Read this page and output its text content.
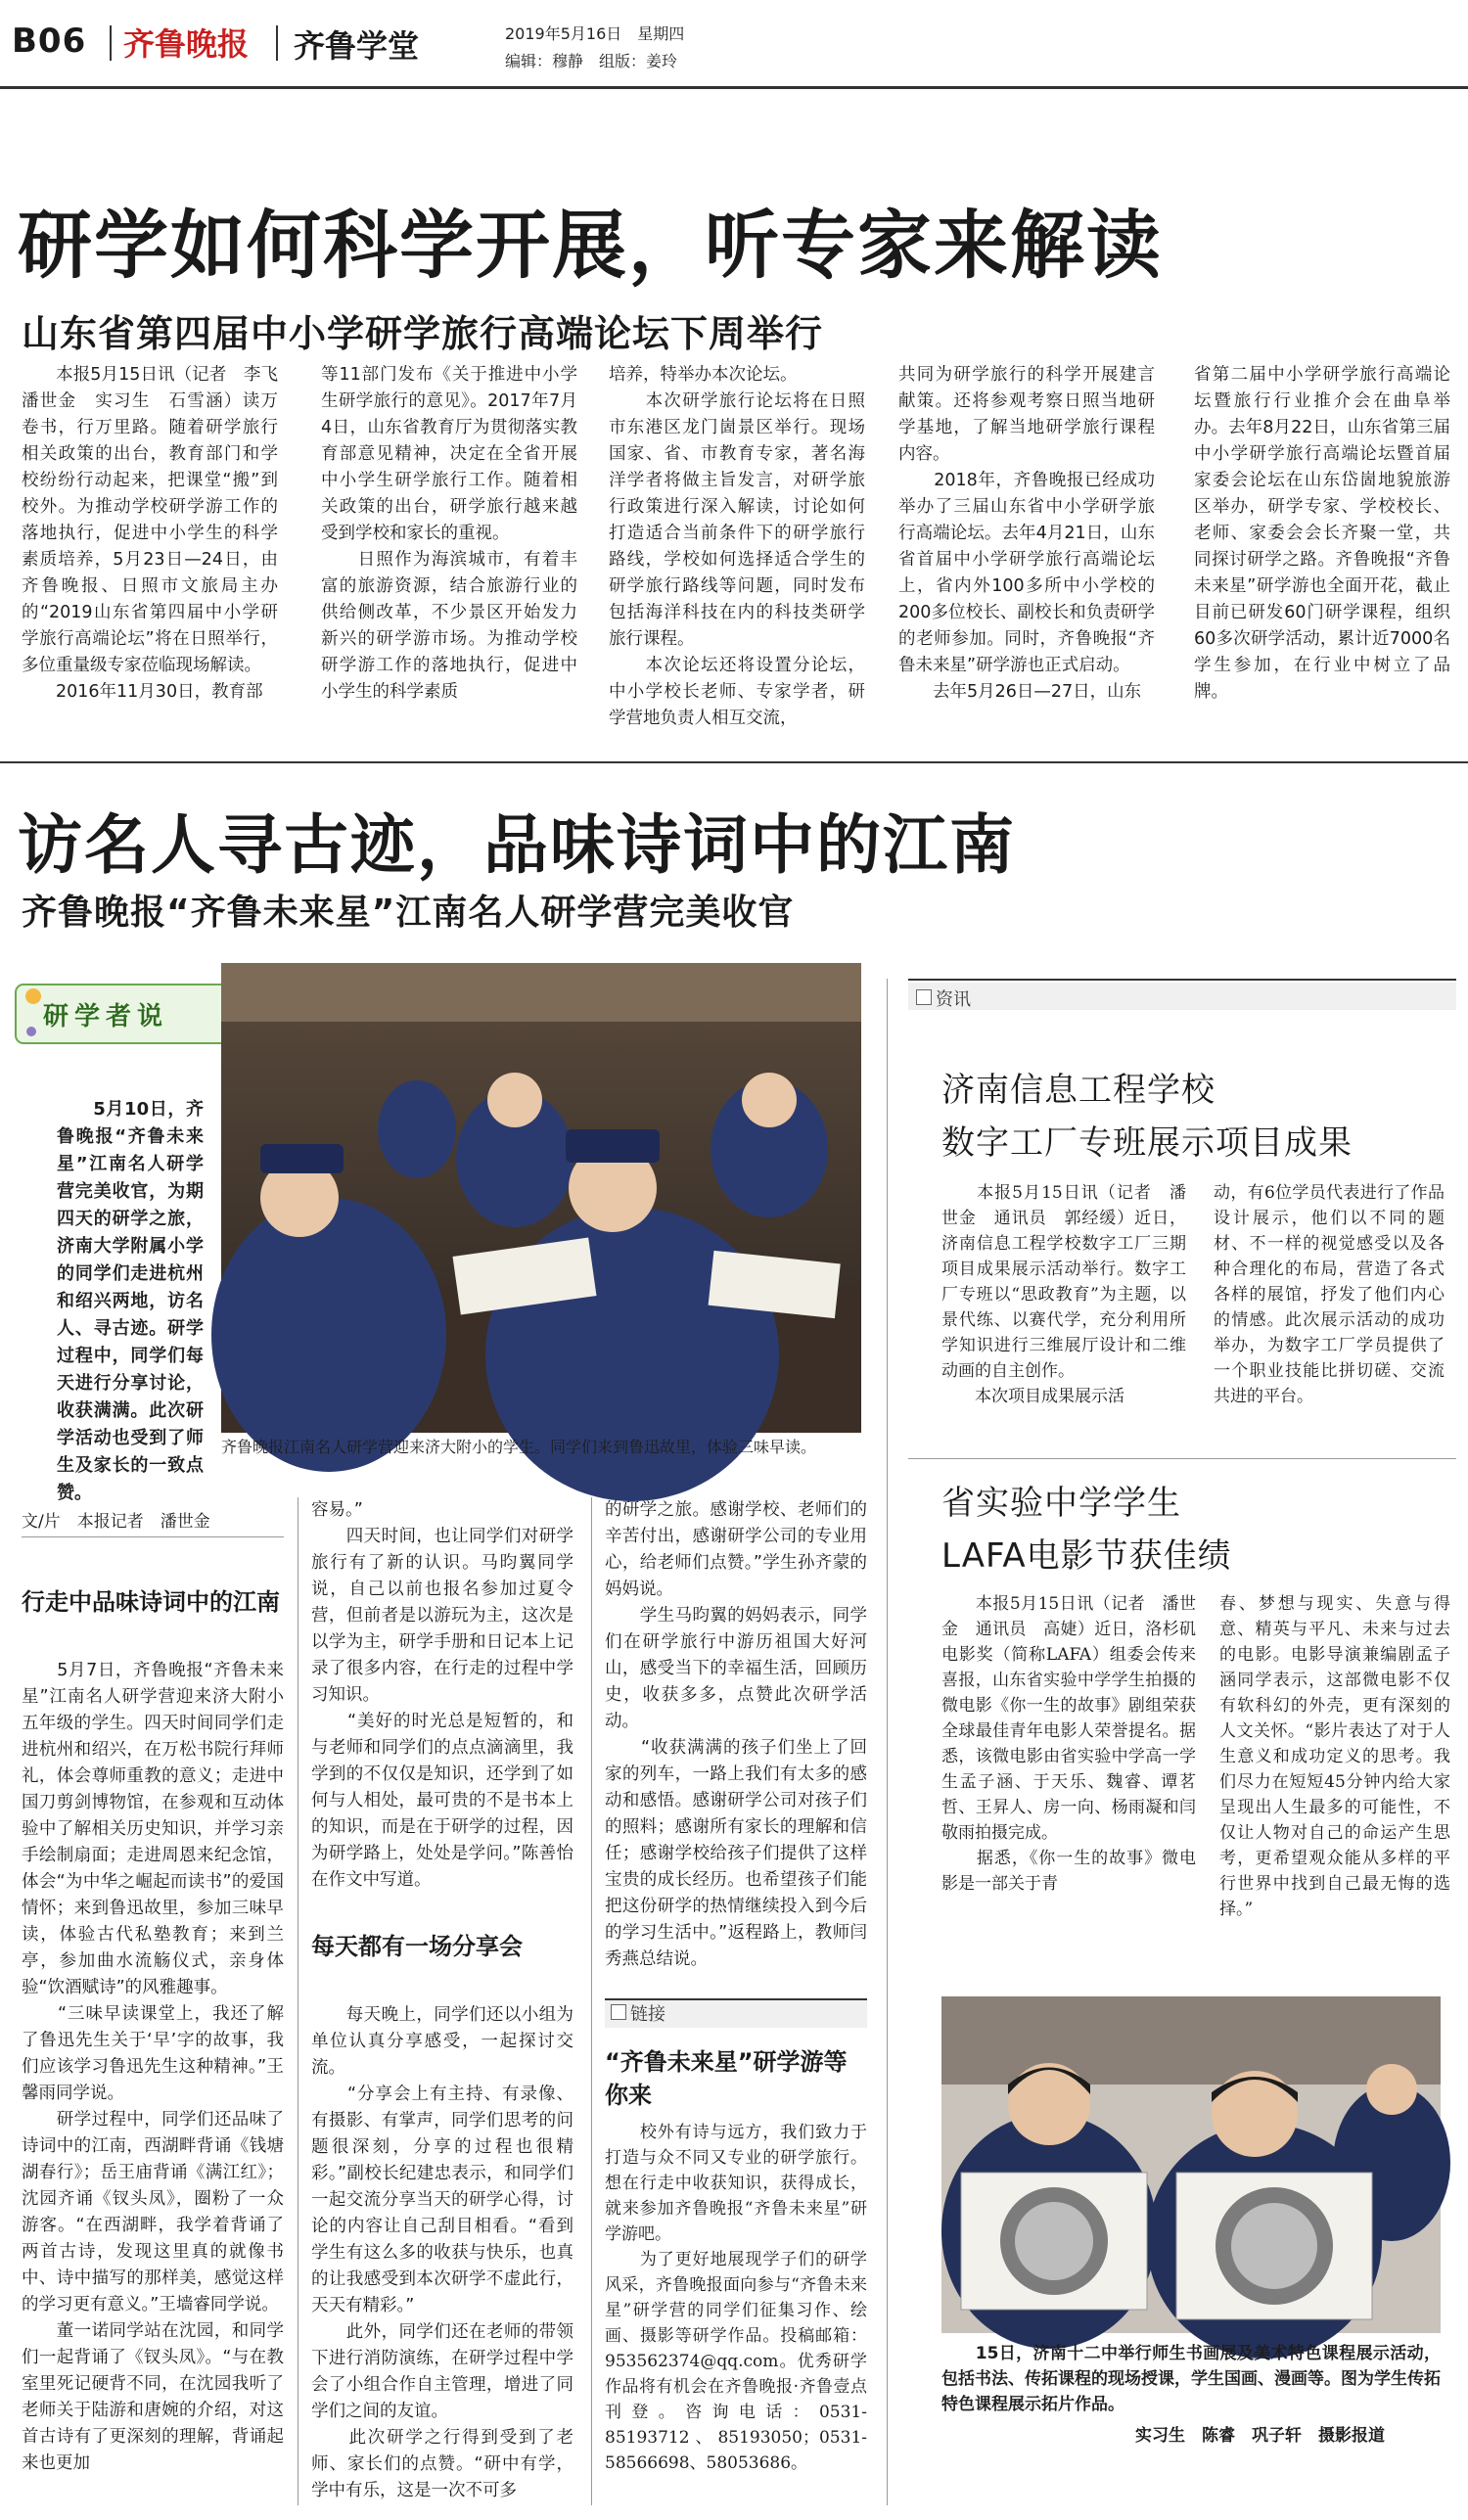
B06 齐鲁晚报 齐鲁学堂	2019年5月16日　星期四
编辑：穆静　组版：姜玲
研学如何科学开展，听专家来解读
山东省第四届中小学研学旅行高端论坛下周举行
　　本报5月15日讯（记者　李飞　潘世金　实习生　石雪涵）读万卷书，行万里路。随着研学旅行相关政策的出台，教育部门和学校纷纷行动起来，把课堂“搬”到校外。为推动学校研学游工作的落地执行，促进中小学生的科学素质培养，5月23日—24日，由齐鲁晚报、日照市文旅局主办的“2019山东省第四届中小学研学旅行高端论坛”将在日照举行，多位重量级专家莅临现场解读。
　　2016年11月30日，教育部
等11部门发布《关于推进中小学生研学旅行的意见》。2017年7月4日，山东省教育厅为贯彻落实教育部意见精神，决定在全省开展中小学生研学旅行工作。随着相关政策的出台，研学旅行越来越受到学校和家长的重视。
　　日照作为海滨城市，有着丰富的旅游资源，结合旅游行业的供给侧改革，不少景区开始发力新兴的研学游市场。为推动学校研学游工作的落地执行，促进中小学生的科学素质
培养，特举办本次论坛。
　　本次研学旅行论坛将在日照市东港区龙门崮景区举行。现场国家、省、市教育专家，著名海洋学者将做主旨发言，对研学旅行政策进行深入解读，讨论如何打造适合当前条件下的研学旅行路线，学校如何选择适合学生的研学旅行路线等问题，同时发布包括海洋科技在内的科技类研学旅行课程。
　　本次论坛还将设置分论坛，中小学校长老师、专家学者，研学营地负责人相互交流，
共同为研学旅行的科学开展建言献策。还将参观考察日照当地研学基地，了解当地研学旅行课程内容。
　　2018年，齐鲁晚报已经成功举办了三届山东省中小学研学旅行高端论坛。去年4月21日，山东省首届中小学研学旅行高端论坛上，省内外100多所中小学校的200多位校长、副校长和负责研学的老师参加。同时，齐鲁晚报“齐鲁未来星”研学游也正式启动。
　　去年5月26日—27日，山东
省第二届中小学研学旅行高端论坛暨旅行行业推介会在曲阜举办。去年8月22日，山东省第三届中小学研学旅行高端论坛暨首届家委会论坛在山东岱崮地貌旅游区举办，研学专家、学校校长、老师、家委会会长齐聚一堂，共同探讨研学之路。齐鲁晚报“齐鲁未来星”研学游也全面开花，截止目前已研发60门研学课程，组织60多次研学活动，累计近7000名学生参加，在行业中树立了品牌。
访名人寻古迹，品味诗词中的江南
齐鲁晚报“齐鲁未来星”江南名人研学营完美收官
研学者说
　　5月10日，齐鲁晚报“齐鲁未来星”江南名人研学营完美收官，为期四天的研学之旅，济南大学附属小学的同学们走进杭州和绍兴两地，访名人、寻古迹。研学过程中，同学们每天进行分享讨论，收获满满。此次研学活动也受到了师生及家长的一致点赞。
齐鲁晚报江南名人研学营迎来济大附小的学生。同学们来到鲁迅故里，体验三味早读。
文/片　本报记者　潘世金
行走中品味诗词中的江南
　　5月7日，齐鲁晚报“齐鲁未来星”江南名人研学营迎来济大附小五年级的学生。四天时间同学们走进杭州和绍兴，在万松书院行拜师礼，体会尊师重教的意义；走进中国刀剪剑博物馆，在参观和互动体验中了解相关历史知识，并学习亲手绘制扇面；走进周恩来纪念馆，体会“为中华之崛起而读书”的爱国情怀；来到鲁迅故里，参加三味早读，体验古代私塾教育；来到兰亭，参加曲水流觞仪式，亲身体验“饮酒赋诗”的风雅趣事。
　　“三味早读课堂上，我还了解了鲁迅先生关于‘早’字的故事，我们应该学习鲁迅先生这种精神。”王馨雨同学说。
　　研学过程中，同学们还品味了诗词中的江南，西湖畔背诵《钱塘湖春行》；岳王庙背诵《满江红》；沈园齐诵《钗头凤》，圈粉了一众游客。“在西湖畔，我学着背诵了两首古诗，发现这里真的就像书中、诗中描写的那样美，感觉这样的学习更有意义。”王墙睿同学说。
　　董一诺同学站在沈园，和同学们一起背诵了《钗头凤》。“与在教室里死记硬背不同，在沈园我听了老师关于陆游和唐婉的介绍，对这首古诗有了更深刻的理解，背诵起来也更加
容易。”
　　四天时间，也让同学们对研学旅行有了新的认识。马昀翼同学说，自己以前也报名参加过夏令营，但前者是以游玩为主，这次是以学为主，研学手册和日记本上记录了很多内容，在行走的过程中学习知识。
　　“美好的时光总是短暂的，和与老师和同学们的点点滴滴里，我学到的不仅仅是知识，还学到了如何与人相处，最可贵的不是书本上的知识，而是在于研学的过程，因为研学路上，处处是学问。”陈善怡在作文中写道。
每天都有一场分享会
　　每天晚上，同学们还以小组为单位认真分享感受，一起探讨交流。
　　“分享会上有主持、有录像、有摄影、有掌声，同学们思考的问题很深刻，分享的过程也很精彩。”副校长纪建忠表示，和同学们一起交流分享当天的研学心得，讨论的内容让自己刮目相看。“看到学生有这么多的收获与快乐，也真的让我感受到本次研学不虚此行，天天有精彩。”
　　此外，同学们还在老师的带领下进行消防演练，在研学过程中学会了小组合作自主管理，增进了同学们之间的友谊。
　　此次研学之行得到受到了老师、家长们的点赞。“研中有学，学中有乐，这是一次不可多
的研学之旅。感谢学校、老师们的辛苦付出，感谢研学公司的专业用心，给老师们点赞。”学生孙齐蒙的妈妈说。
　　学生马昀翼的妈妈表示，同学们在研学旅行中游历祖国大好河山，感受当下的幸福生活，回顾历史，收获多多，点赞此次研学活动。
　　“收获满满的孩子们坐上了回家的列车，一路上我们有太多的感动和感悟。感谢研学公司对孩子们的照料；感谢所有家长的理解和信任；感谢学校给孩子们提供了这样宝贵的成长经历。也希望孩子们能把这份研学的热情继续投入到今后的学习生活中。”返程路上，教师闫秀燕总结说。
链接
“齐鲁未来星”研学游等你来
　　校外有诗与远方，我们致力于打造与众不同又专业的研学旅行。想在行走中收获知识，获得成长，就来参加齐鲁晚报“齐鲁未来星”研学游吧。
　　为了更好地展现学子们的研学风采，齐鲁晚报面向参与“齐鲁未来星”研学营的同学们征集习作、绘画、摄影等研学作品。投稿邮箱：953562374@qq.com。优秀研学作品将有机会在齐鲁晚报·齐鲁壹点刊登。咨询电话：0531-85193712、85193050；0531-58566698、58053686。
资讯
济南信息工程学校
数字工厂专班展示项目成果
　　本报5月15日讯（记者　潘世金　通讯员　郭经缓）近日，济南信息工程学校数字工厂三期项目成果展示活动举行。数字工厂专班以“思政教育”为主题，以景代练、以赛代学，充分利用所学知识进行三维展厅设计和二维动画的自主创作。
　　本次项目成果展示活
动，有6位学员代表进行了作品设计展示，他们以不同的题材、不一样的视觉感受以及各种合理化的布局，营造了各式各样的展馆，抒发了他们内心的情感。此次展示活动的成功举办，为数字工厂学员提供了一个职业技能比拼切磋、交流共进的平台。
省实验中学学生
LAFA电影节获佳绩
　　本报5月15日讯（记者　潘世金　通讯员　高婕）近日，洛杉矶电影奖（简称LAFA）组委会传来喜报，山东省实验中学学生拍摄的微电影《你一生的故事》剧组荣获全球最佳青年电影人荣誉提名。据悉，该微电影由省实验中学高一学生孟子涵、于天乐、魏睿、谭茗哲、王昇人、房一向、杨雨凝和闫敬雨拍摄完成。
　　据悉，《你一生的故事》微电影是一部关于青
春、梦想与现实、失意与得意、精英与平凡、未来与过去的电影。电影导演兼编剧孟子涵同学表示，这部微电影不仅有软科幻的外壳，更有深刻的人文关怀。“影片表达了对于人生意义和成功定义的思考。我们尽力在短短45分钟内给大家呈现出人生最多的可能性，不仅让人物对自己的命运产生思考，更希望观众能从多样的平行世界中找到自己最无悔的选择。”
　　15日，济南十二中举行师生书画展及美术特色课程展示活动，包括书法、传拓课程的现场授课，学生国画、漫画等。图为学生传拓特色课程展示拓片作品。
实习生　陈睿　巩子轩　摄影报道
